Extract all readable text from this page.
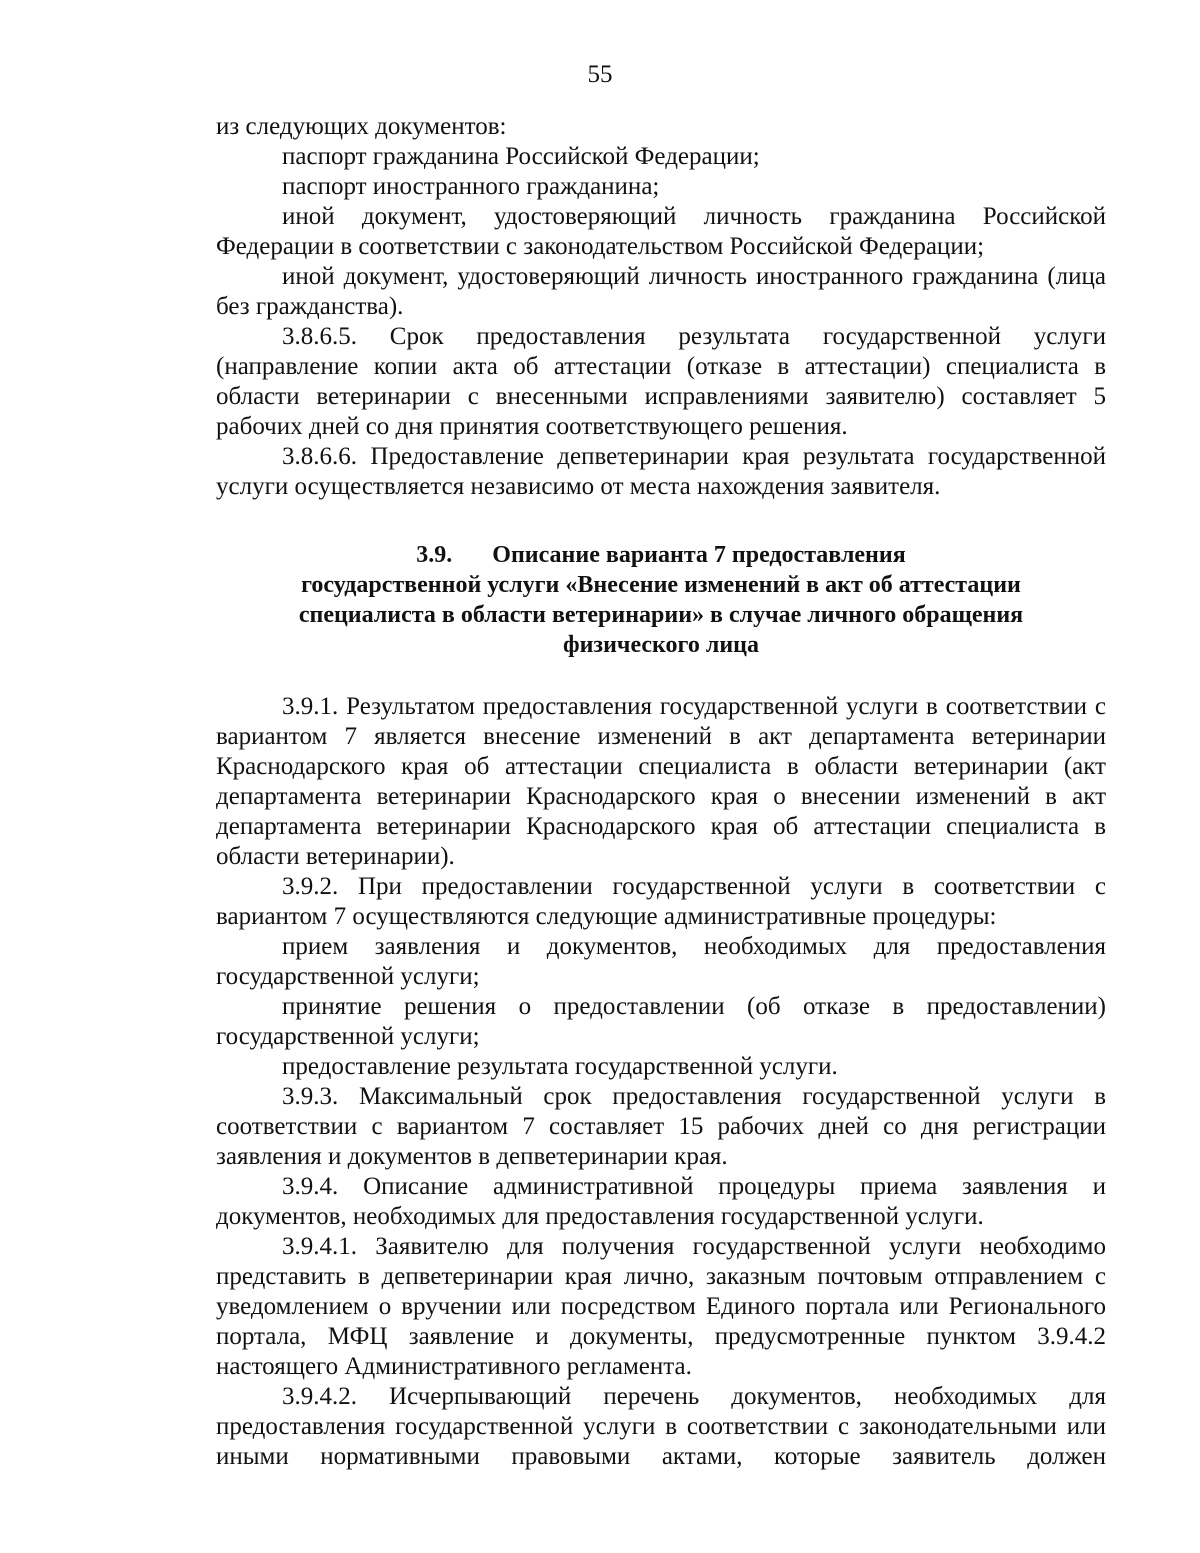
55

из следующих документов:

паспорт гражданина Российской Федерации;

паспорт иностранного гражданина;

иной документ, удостоверяющий личность гражданина Российской Федерации в соответствии с законодательством Российской Федерации;

иной документ, удостоверяющий личность иностранного гражданина (лица без гражданства).

3.8.6.5. Срок предоставления результата государственной услуги (направление копии акта об аттестации (отказе в аттестации) специалиста в области ветеринарии с внесенными исправлениями заявителю) составляет 5 рабочих дней со дня принятия соответствующего решения.

3.8.6.6. Предоставление депветеринарии края результата государственной услуги осуществляется независимо от места нахождения заявителя.

3.9. Описание варианта 7 предоставления
государственной услуги «Внесение изменений в акт об аттестации
специалиста в области ветеринарии» в случае личного обращения
физического лица

3.9.1. Результатом предоставления государственной услуги в соответствии с вариантом 7 является внесение изменений в акт департамента ветеринарии Краснодарского края об аттестации специалиста в области ветеринарии (акт департамента ветеринарии Краснодарского края о внесении изменений в акт департамента ветеринарии Краснодарского края об аттестации специалиста в области ветеринарии).

3.9.2. При предоставлении государственной услуги в соответствии с вариантом 7 осуществляются следующие административные процедуры:

прием заявления и документов, необходимых для предоставления государственной услуги;

принятие решения о предоставлении (об отказе в предоставлении) государственной услуги;

предоставление результата государственной услуги.

3.9.3. Максимальный срок предоставления государственной услуги в соответствии с вариантом 7 составляет 15 рабочих дней со дня регистрации заявления и документов в депветеринарии края.

3.9.4. Описание административной процедуры приема заявления и документов, необходимых для предоставления государственной услуги.

3.9.4.1. Заявителю для получения государственной услуги необходимо представить в депветеринарии края лично, заказным почтовым отправлением с уведомлением о вручении или посредством Единого портала или Регионального портала, МФЦ заявление и документы, предусмотренные пунктом 3.9.4.2 настоящего Административного регламента.

3.9.4.2. Исчерпывающий перечень документов, необходимых для предоставления государственной услуги в соответствии с законодательными или иными нормативными правовыми актами, которые заявитель должен
